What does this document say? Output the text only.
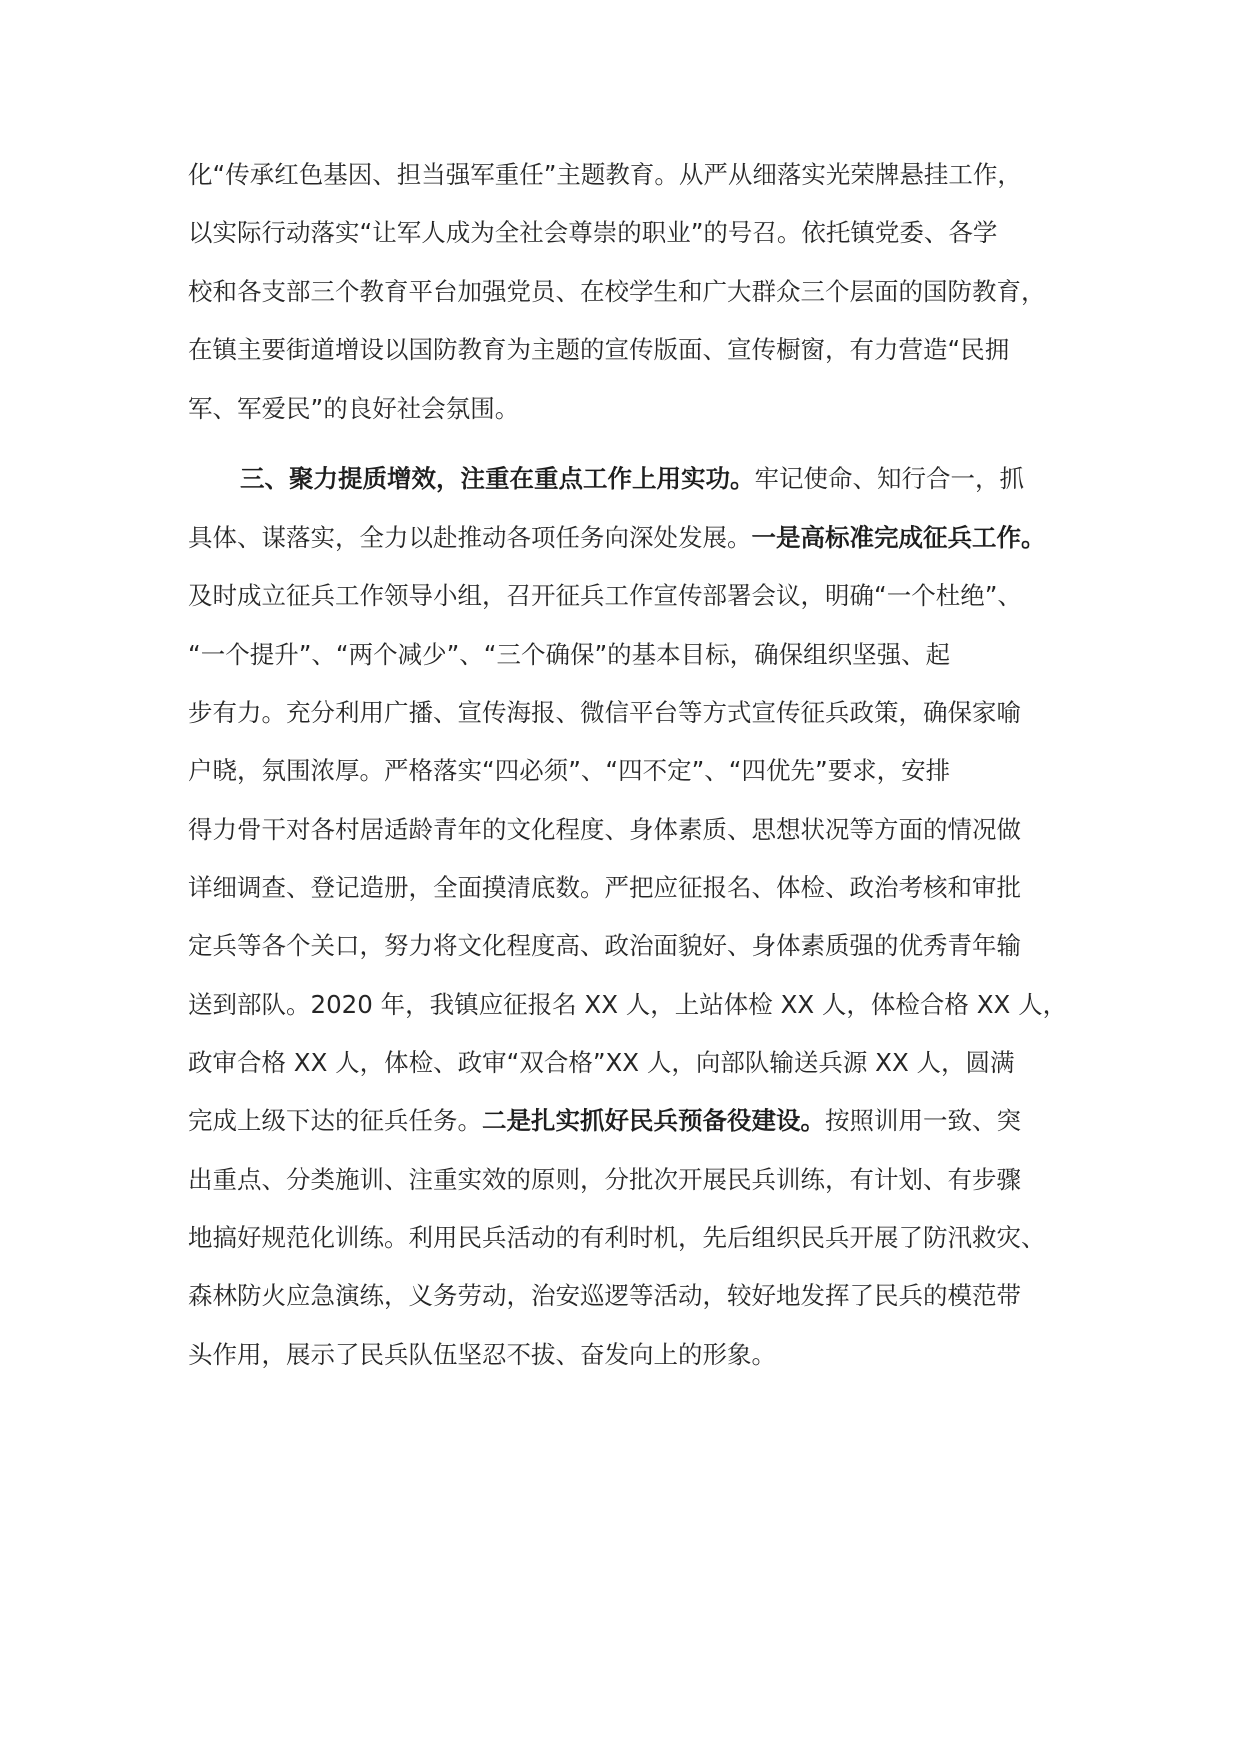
化“传承红色基因、担当强军重任”主题教育。从严从细落实光荣牌悬挂工作，
以实际行动落实“让军人成为全社会尊崇的职业”的号召。依托镇党委、各学
校和各支部三个教育平台加强党员、在校学生和广大群众三个层面的国防教育，
在镇主要街道增设以国防教育为主题的宣传版面、宣传橱窗，有力营造“民拥
军、军爱民”的良好社会氛围。
三、聚力提质增效，注重在重点工作上用实功。牢记使命、知行合一，抓
具体、谋落实，全力以赴推动各项任务向深处发展。一是高标准完成征兵工作。
及时成立征兵工作领导小组，召开征兵工作宣传部署会议，明确“一个杜绝”、
“一个提升”、“两个减少”、“三个确保”的基本目标，确保组织坚强、起
步有力。充分利用广播、宣传海报、微信平台等方式宣传征兵政策，确保家喻
户晓，氛围浓厚。严格落实“四必须”、“四不定”、“四优先”要求，安排
得力骨干对各村居适龄青年的文化程度、身体素质、思想状况等方面的情况做
详细调查、登记造册，全面摸清底数。严把应征报名、体检、政治考核和审批
定兵等各个关口，努力将文化程度高、政治面貌好、身体素质强的优秀青年输
送到部队。2020 年，我镇应征报名 XX 人，上站体检 XX 人，体检合格 XX 人，
政审合格 XX 人，体检、政审“双合格”XX 人，向部队输送兵源 XX 人，圆满
完成上级下达的征兵任务。二是扎实抓好民兵预备役建设。按照训用一致、突
出重点、分类施训、注重实效的原则，分批次开展民兵训练，有计划、有步骤
地搞好规范化训练。利用民兵活动的有利时机，先后组织民兵开展了防汛救灾、
森林防火应急演练，义务劳动，治安巡逻等活动，较好地发挥了民兵的模范带
头作用，展示了民兵队伍坚忍不拔、奋发向上的形象。
